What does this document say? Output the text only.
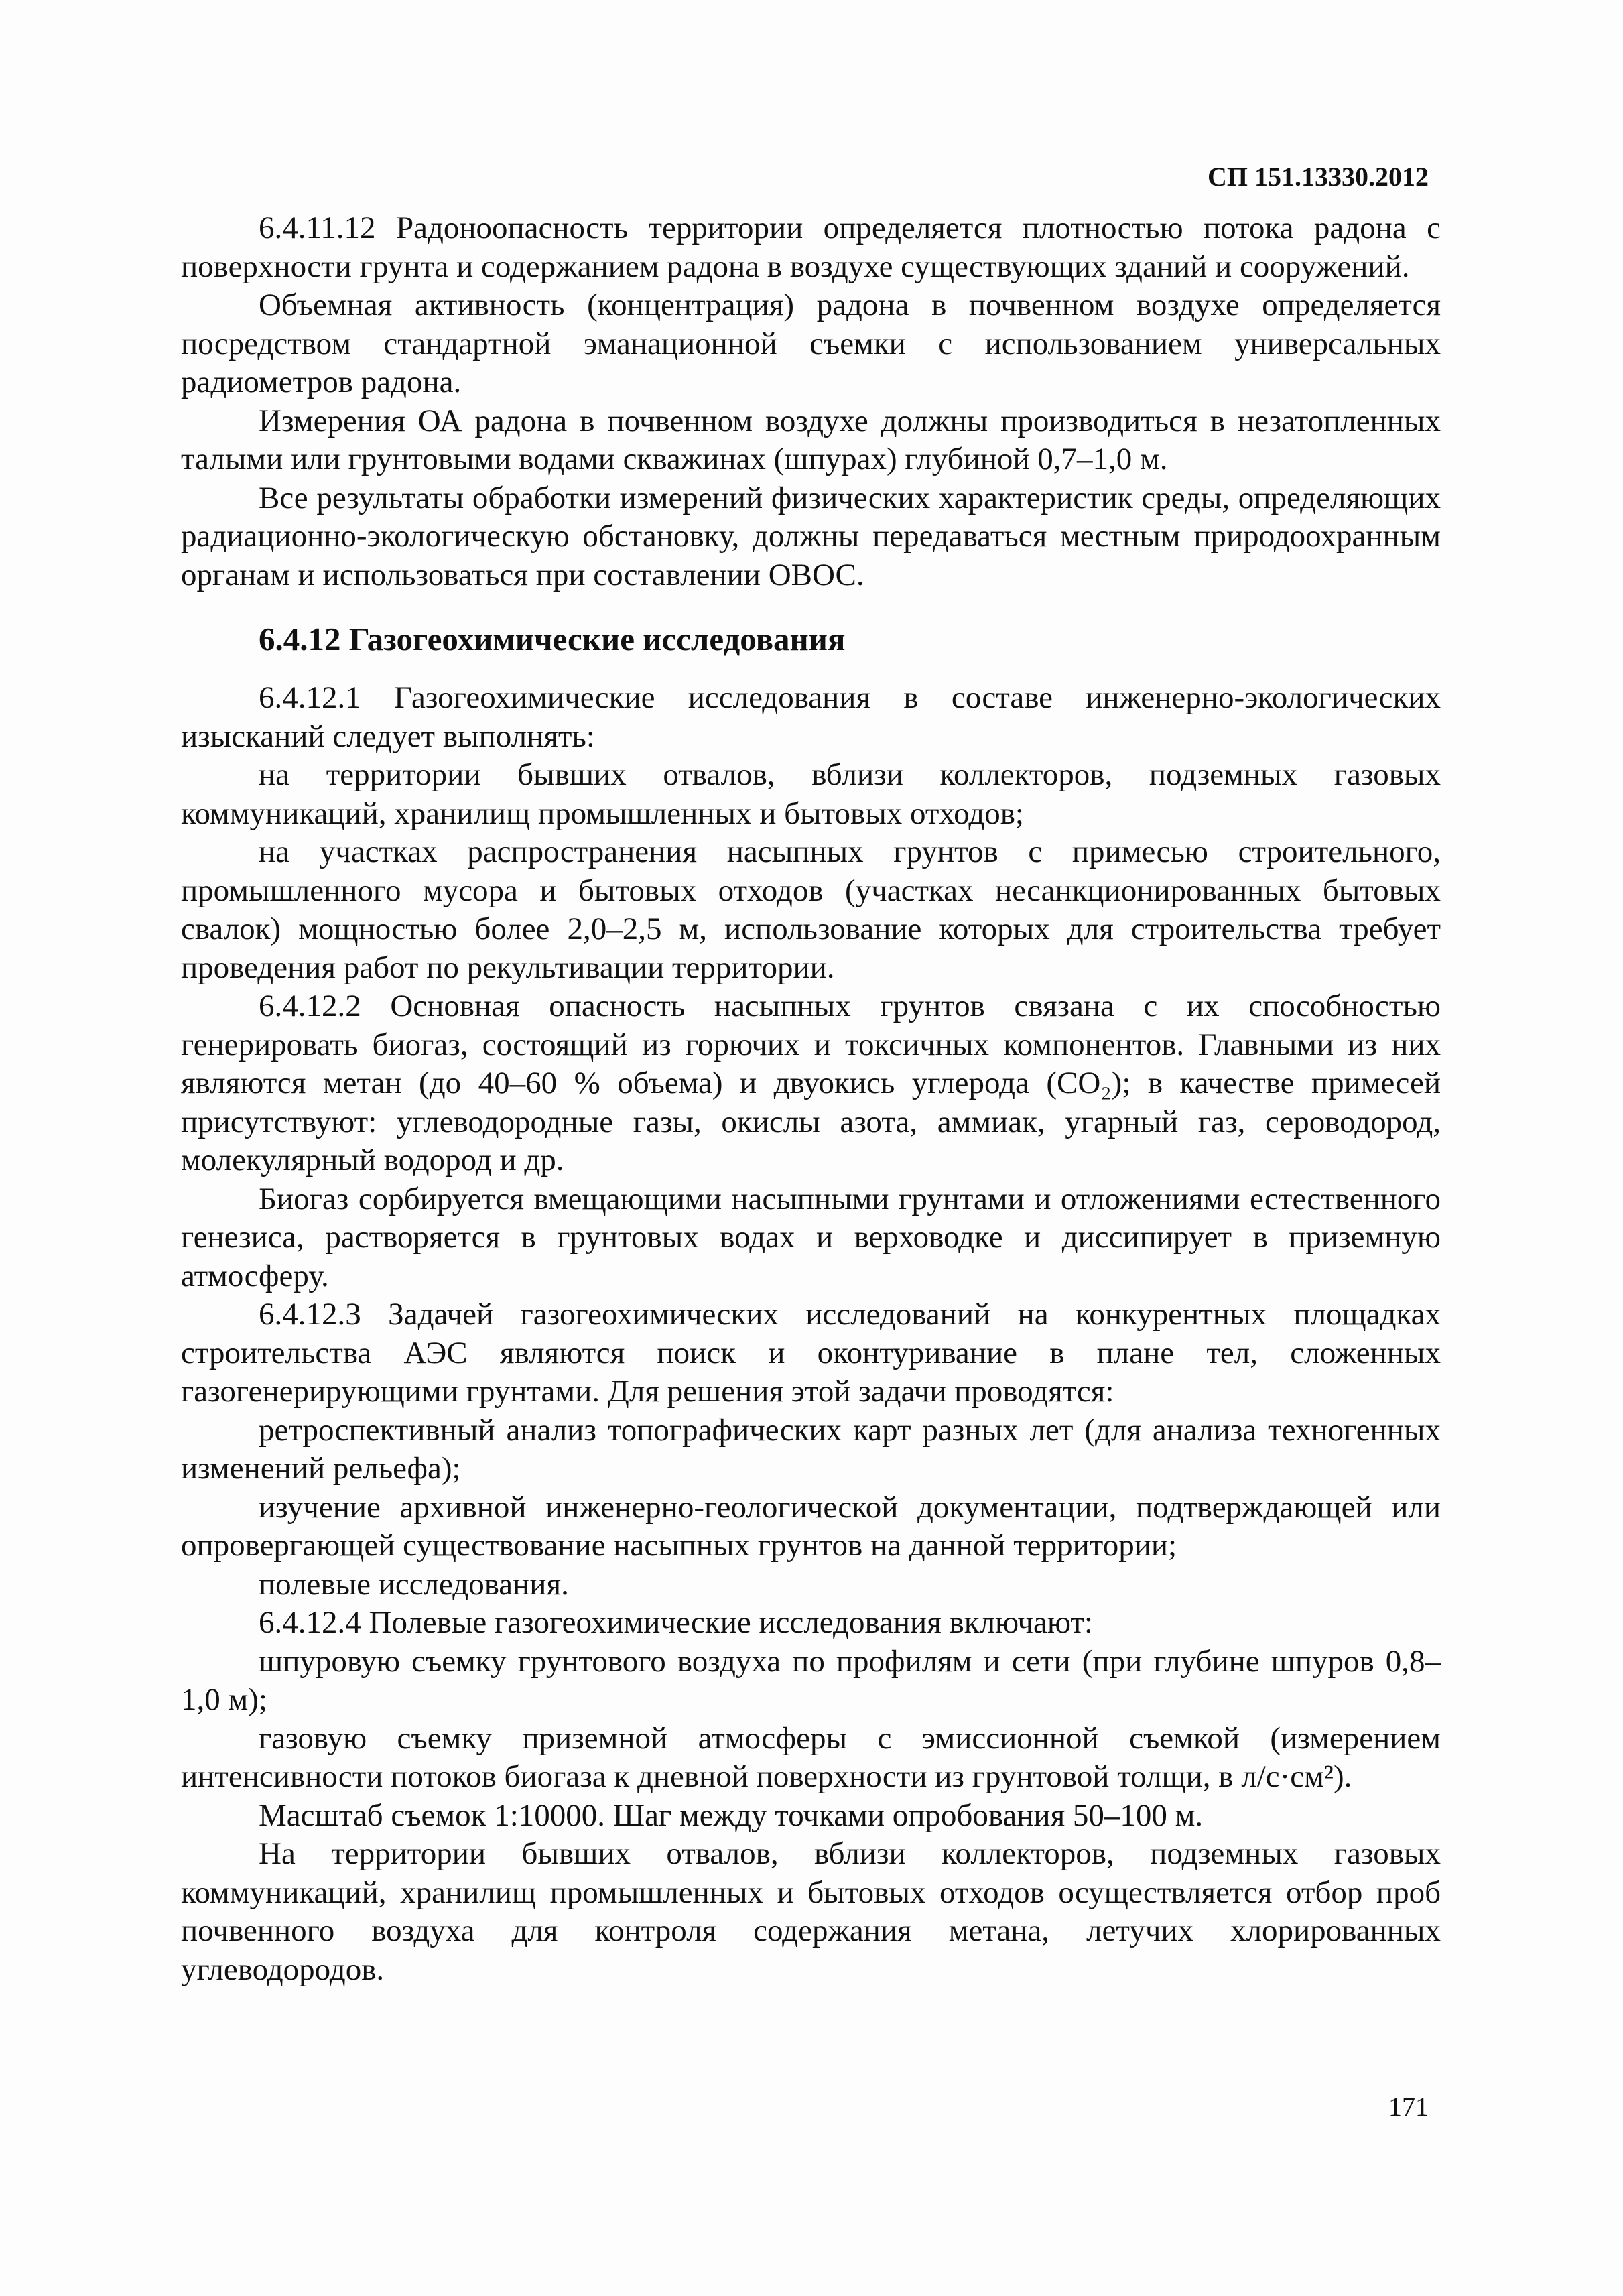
СП 151.13330.2012

6.4.11.12 Радоноопасность территории определяется плотностью потока радона с поверхности грунта и содержанием радона в воздухе существующих зданий и сооружений.

Объемная активность (концентрация) радона в почвенном воздухе определяется посредством стандартной эманационной съемки с использованием универсальных радиометров радона.

Измерения ОА радона в почвенном воздухе должны производиться в незатопленных талыми или грунтовыми водами скважинах (шпурах) глубиной 0,7–1,0 м.

Все результаты обработки измерений физических характеристик среды, определяющих радиационно-экологическую обстановку, должны передаваться местным природоохранным органам и использоваться при составлении ОВОС.

6.4.12 Газогеохимические исследования

6.4.12.1 Газогеохимические исследования в составе инженерно-экологических изысканий следует выполнять:

на территории бывших отвалов, вблизи коллекторов, подземных газовых коммуникаций, хранилищ промышленных и бытовых отходов;

на участках распространения насыпных грунтов с примесью строительного, промышленного мусора и бытовых отходов (участках несанкционированных бытовых свалок) мощностью более 2,0–2,5 м, использование которых для строительства требует проведения работ по рекультивации территории.

6.4.12.2 Основная опасность насыпных грунтов связана с их способностью генерировать биогаз, состоящий из горючих и токсичных компонентов. Главными из них являются метан (до 40–60 % объема) и двуокись углерода (CO₂); в качестве примесей присутствуют: углеводородные газы, окислы азота, аммиак, угарный газ, сероводород, молекулярный водород и др.

Биогаз сорбируется вмещающими насыпными грунтами и отложениями естественного генезиса, растворяется в грунтовых водах и верховодке и диссипирует в приземную атмосферу.

6.4.12.3 Задачей газогеохимических исследований на конкурентных площадках строительства АЭС являются поиск и оконтуривание в плане тел, сложенных газогенерирующими грунтами. Для решения этой задачи проводятся:

ретроспективный анализ топографических карт разных лет (для анализа техногенных изменений рельефа);

изучение архивной инженерно-геологической документации, подтверждающей или опровергающей существование насыпных грунтов на данной территории;

полевые исследования.

6.4.12.4 Полевые газогеохимические исследования включают:

шпуровую съемку грунтового воздуха по профилям и сети (при глубине шпуров 0,8–1,0 м);

газовую съемку приземной атмосферы с эмиссионной съемкой (измерением интенсивности потоков биогаза к дневной поверхности из грунтовой толщи, в л/с·см²).

Масштаб съемок 1:10000. Шаг между точками опробования 50–100 м.

На территории бывших отвалов, вблизи коллекторов, подземных газовых коммуникаций, хранилищ промышленных и бытовых отходов осуществляется отбор проб почвенного воздуха для контроля содержания метана, летучих хлорированных углеводородов.

171
